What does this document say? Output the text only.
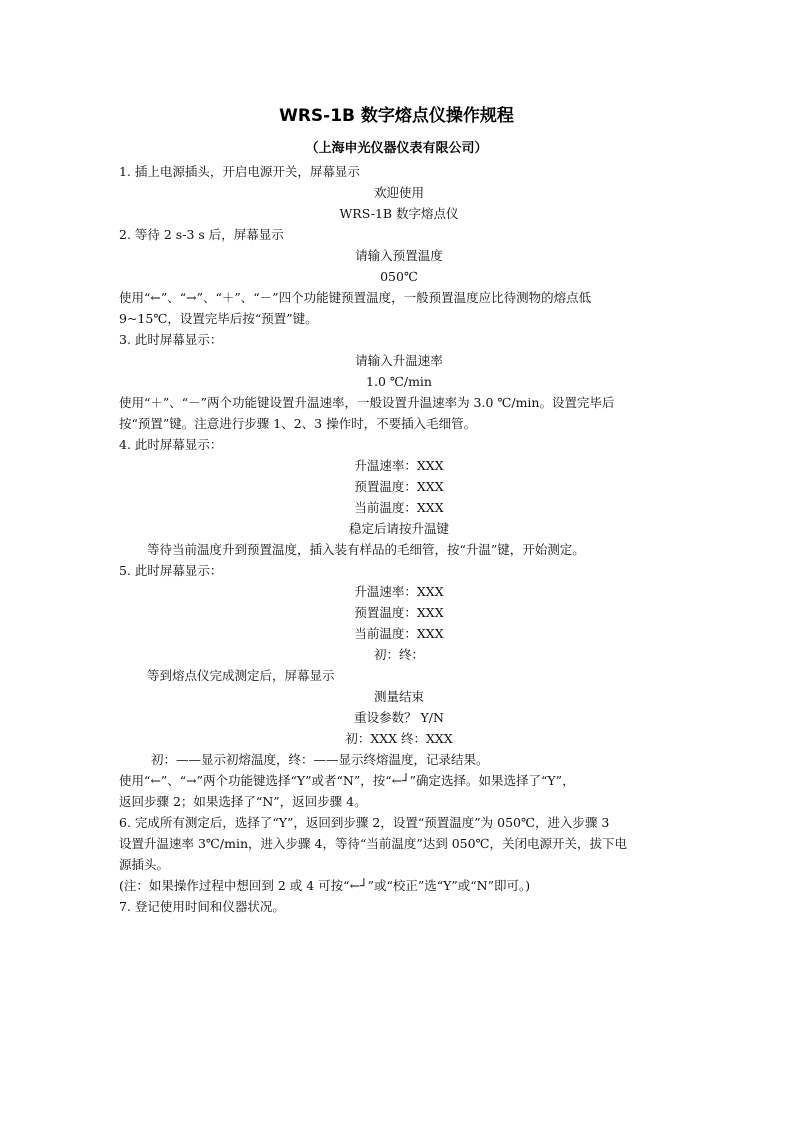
WRS-1B 数字熔点仪操作规程
（上海申光仪器仪表有限公司）
1. 插上电源插头，开启电源开关，屏幕显示
欢迎使用
WRS-1B 数字熔点仪
2. 等待 2 s-3 s 后，屏幕显示
请输入预置温度
050℃
使用“←”、“→”、“＋”、“－”四个功能键预置温度，一般预置温度应比待测物的熔点低
9~15℃，设置完毕后按“预置”键。
3. 此时屏幕显示：
请输入升温速率
1.0 ℃/min
使用“＋”、“－”两个功能键设置升温速率，一般设置升温速率为 3.0 ℃/min。设置完毕后
按“预置”键。注意进行步骤 1、2、3 操作时，不要插入毛细管。
4. 此时屏幕显示：
升温速率：XXX
预置温度：XXX
当前温度：XXX
稳定后请按升温键
等待当前温度升到预置温度，插入装有样品的毛细管，按“升温”键，开始测定。
5. 此时屏幕显示：
升温速率：XXX
预置温度：XXX
当前温度：XXX
初：终：
等到熔点仪完成测定后，屏幕显示
测量结束
重设参数？ Y/N
初：XXX 终：XXX
初：——显示初熔温度，终：——显示终熔温度，记录结果。
使用“←”、“→”两个功能键选择“Y”或者“N”，按“←┘”确定选择。如果选择了“Y”，
返回步骤 2；如果选择了“N”，返回步骤 4。
6. 完成所有测定后，选择了“Y”，返回到步骤 2，设置“预置温度”为 050℃，进入步骤 3
设置升温速率 3℃/min，进入步骤 4，等待“当前温度”达到 050℃，关闭电源开关，拔下电
源插头。
(注：如果操作过程中想回到 2 或 4 可按“←┘”或“校正”选“Y”或“N”即可。)
7. 登记使用时间和仪器状况。
